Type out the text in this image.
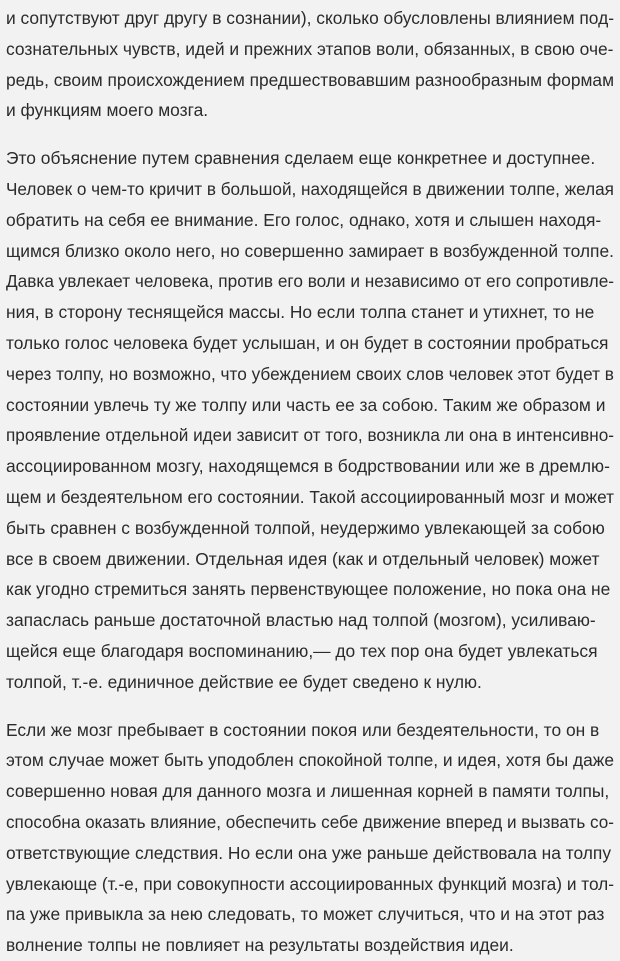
и сопутствуют друг другу в сознании), сколько обусловлены влиянием под-
сознательных чувств, идей и прежних этапов воли, обязанных, в свою оче-
редь, своим происхождением предшествовавшим разнообразным формам
и функциям моего мозга.
Это объяснение путем сравнения сделаем еще конкретнее и доступнее.
Человек о чем-то кричит в большой, находящейся в движении толпе, желая
обратить на себя ее внимание. Его голос, однако, хотя и слышен находя-
щимся близко около него, но совершенно замирает в возбужденной толпе.
Давка увлекает человека, против его воли и независимо от его сопротивле-
ния, в сторону теснящейся массы. Но если толпа станет и утихнет, то не
только голос человека будет услышан, и он будет в состоянии пробраться
через толпу, но возможно, что убеждением своих слов человек этот будет в
состоянии увлечь ту же толпу или часть ее за собою. Таким же образом и
проявление отдельной идеи зависит от того, возникла ли она в интенсивно-
ассоциированном мозгу, находящемся в бодрствовании или же в дремлю-
щем и бездеятельном его состоянии. Такой ассоциированный мозг и может
быть сравнен с возбужденной толпой, неудержимо увлекающей за собою
все в своем движении. Отдельная идея (как и отдельный человек) может
как угодно стремиться занять первенствующее положение, но пока она не
запаслась раньше достаточной властью над толпой (мозгом), усиливаю-
щейся еще благодаря воспоминанию,— до тех пор она будет увлекаться
толпой, т.-е. единичное действие ее будет сведено к нулю.
Если же мозг пребывает в состоянии покоя или бездеятельности, то он в
этом случае может быть уподоблен спокойной толпе, и идея, хотя бы даже
совершенно новая для данного мозга и лишенная корней в памяти толпы,
способна оказать влияние, обеспечить себе движение вперед и вызвать со-
ответствующие следствия. Но если она уже раньше действовала на толпу
увлекающе (т.-е, при совокупности ассоциированных функций мозга) и тол-
па уже привыкла за нею следовать, то может случиться, что и на этот раз
волнение толпы не повлияет на результаты воздействия идеи.
